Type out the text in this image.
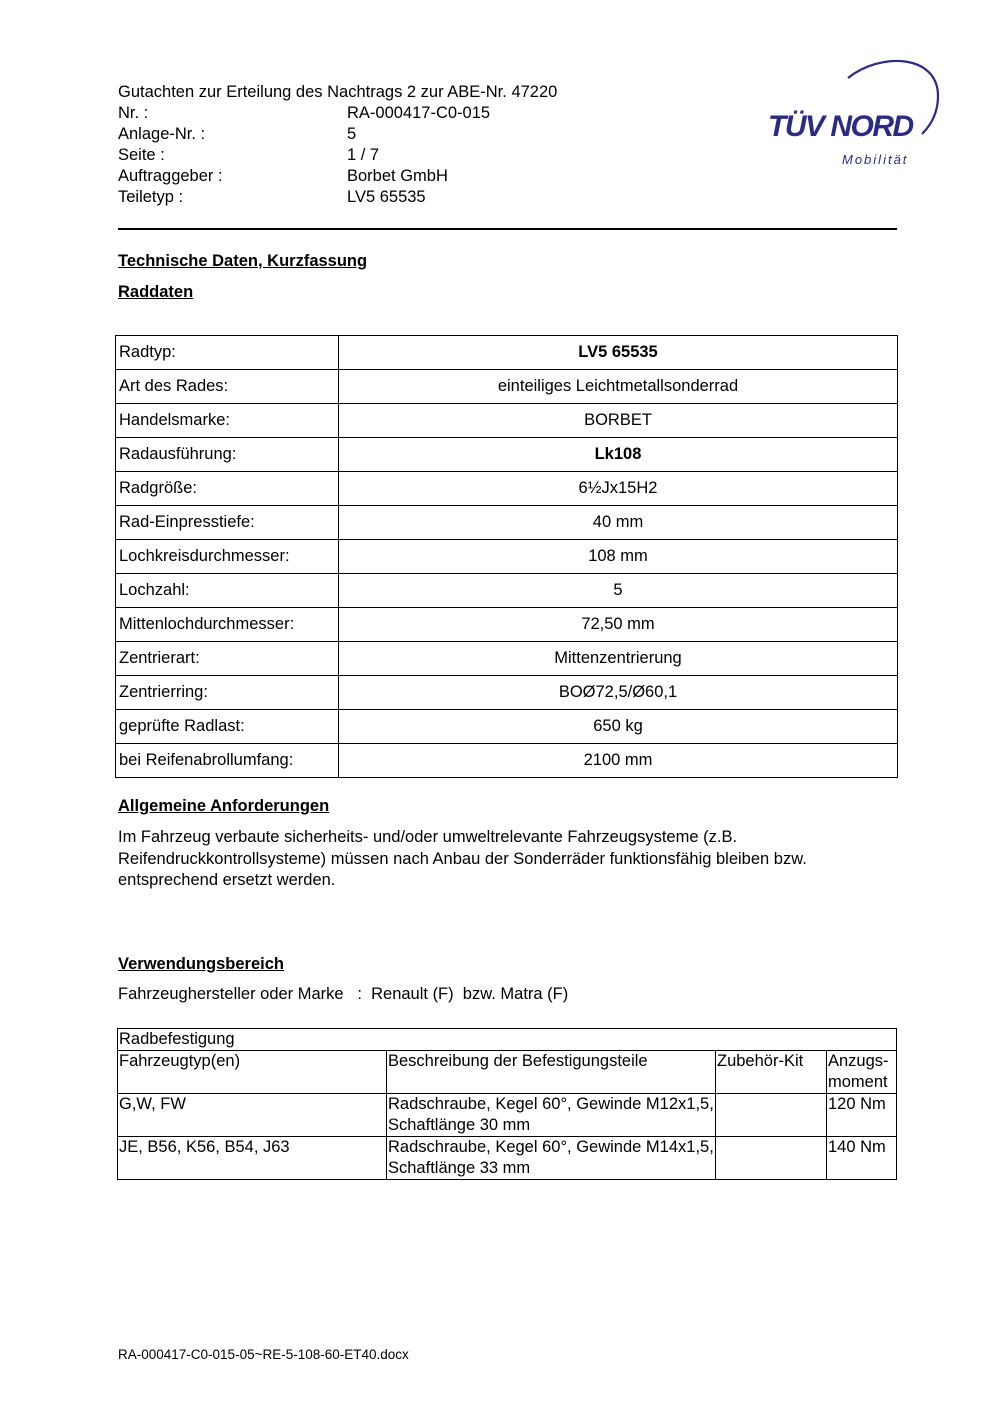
Gutachten zur Erteilung des Nachtrags 2 zur ABE-Nr. 47220
Nr. :	RA-000417-C0-015
Anlage-Nr. :	5
Seite :	1 / 7
Auftraggeber :	Borbet GmbH
Teiletyp :	LV5 65535
TÜV NORD
Mobilität
Technische Daten, Kurzfassung
Raddaten
Radtyp:	LV5 65535
Art des Rades:	einteiliges Leichtmetallsonderrad
Handelsmarke:	BORBET
Radausführung:	Lk108
Radgröße:	6½Jx15H2
Rad-Einpresstiefe:	40 mm
Lochkreisdurchmesser:	108 mm
Lochzahl:	5
Mittenlochdurchmesser:	72,50 mm
Zentrierart:	Mittenzentrierung
Zentrierring:	BOØ72,5/Ø60,1
geprüfte Radlast:	650 kg
bei Reifenabrollumfang:	2100 mm
Allgemeine Anforderungen
Im Fahrzeug verbaute sicherheits- und/oder umweltrelevante Fahrzeugsysteme (z.B. Reifendruckkontrollsysteme) müssen nach Anbau der Sonderräder funktionsfähig bleiben bzw. entsprechend ersetzt werden.
Verwendungsbereich
Fahrzeughersteller oder Marke   :  Renault (F)  bzw. Matra (F)
Radbefestigung			
Fahrzeugtyp(en)	Beschreibung der Befestigungsteile	Zubehör-Kit	Anzugs-moment
G,W, FW	Radschraube, Kegel 60°, Gewinde M12x1,5, Schaftlänge 30 mm		120 Nm
JE, B56, K56, B54, J63	Radschraube, Kegel 60°, Gewinde M14x1,5, Schaftlänge 33 mm		140 Nm
RA-000417-C0-015-05~RE-5-108-60-ET40.docx
